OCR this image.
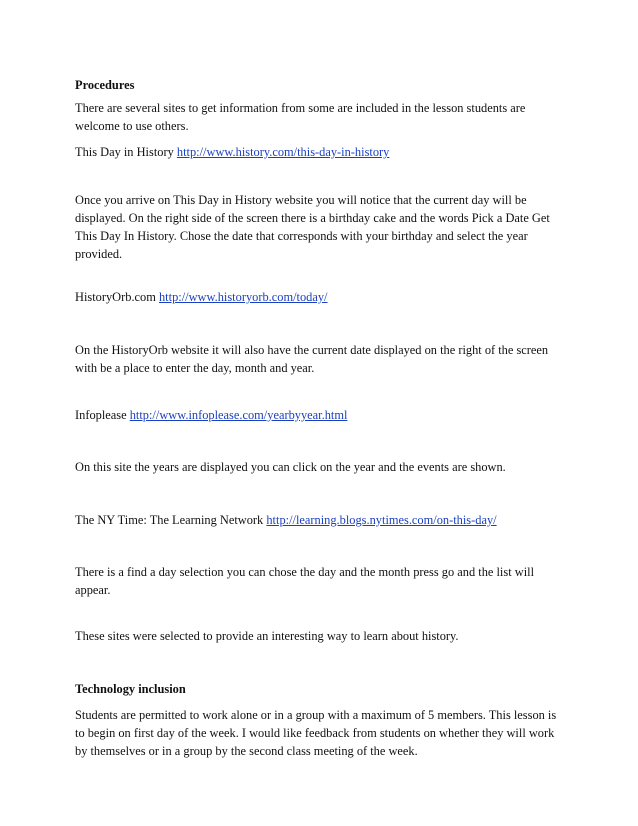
Procedures

There are several sites to get information from some are included in the lesson students are welcome to use others.

This Day in History http://www.history.com/this-day-in-history

Once you arrive on This Day in History website you will notice that the current day will be displayed. On the right side of the screen there is a birthday cake and the words Pick a Date Get This Day In History. Chose the date that corresponds with your birthday and select the year provided.

HistoryOrb.com http://www.historyorb.com/today/

On the HistoryOrb website it will also have the current date displayed on the right of the screen with be a place to enter the day, month and year.

Infoplease http://www.infoplease.com/yearbyyear.html

On this site the years are displayed you can click on the year and the events are shown.

The NY Time: The Learning Network http://learning.blogs.nytimes.com/on-this-day/

There is a find a day selection you can chose the day and the month press go and the list will appear.

These sites were selected to provide an interesting way to learn about history.

Technology inclusion

Students are permitted to work alone or in a group with a maximum of 5 members. This lesson is to begin on first day of the week. I would like feedback from students on whether they will work by themselves or in a group by the second class meeting of the week.
